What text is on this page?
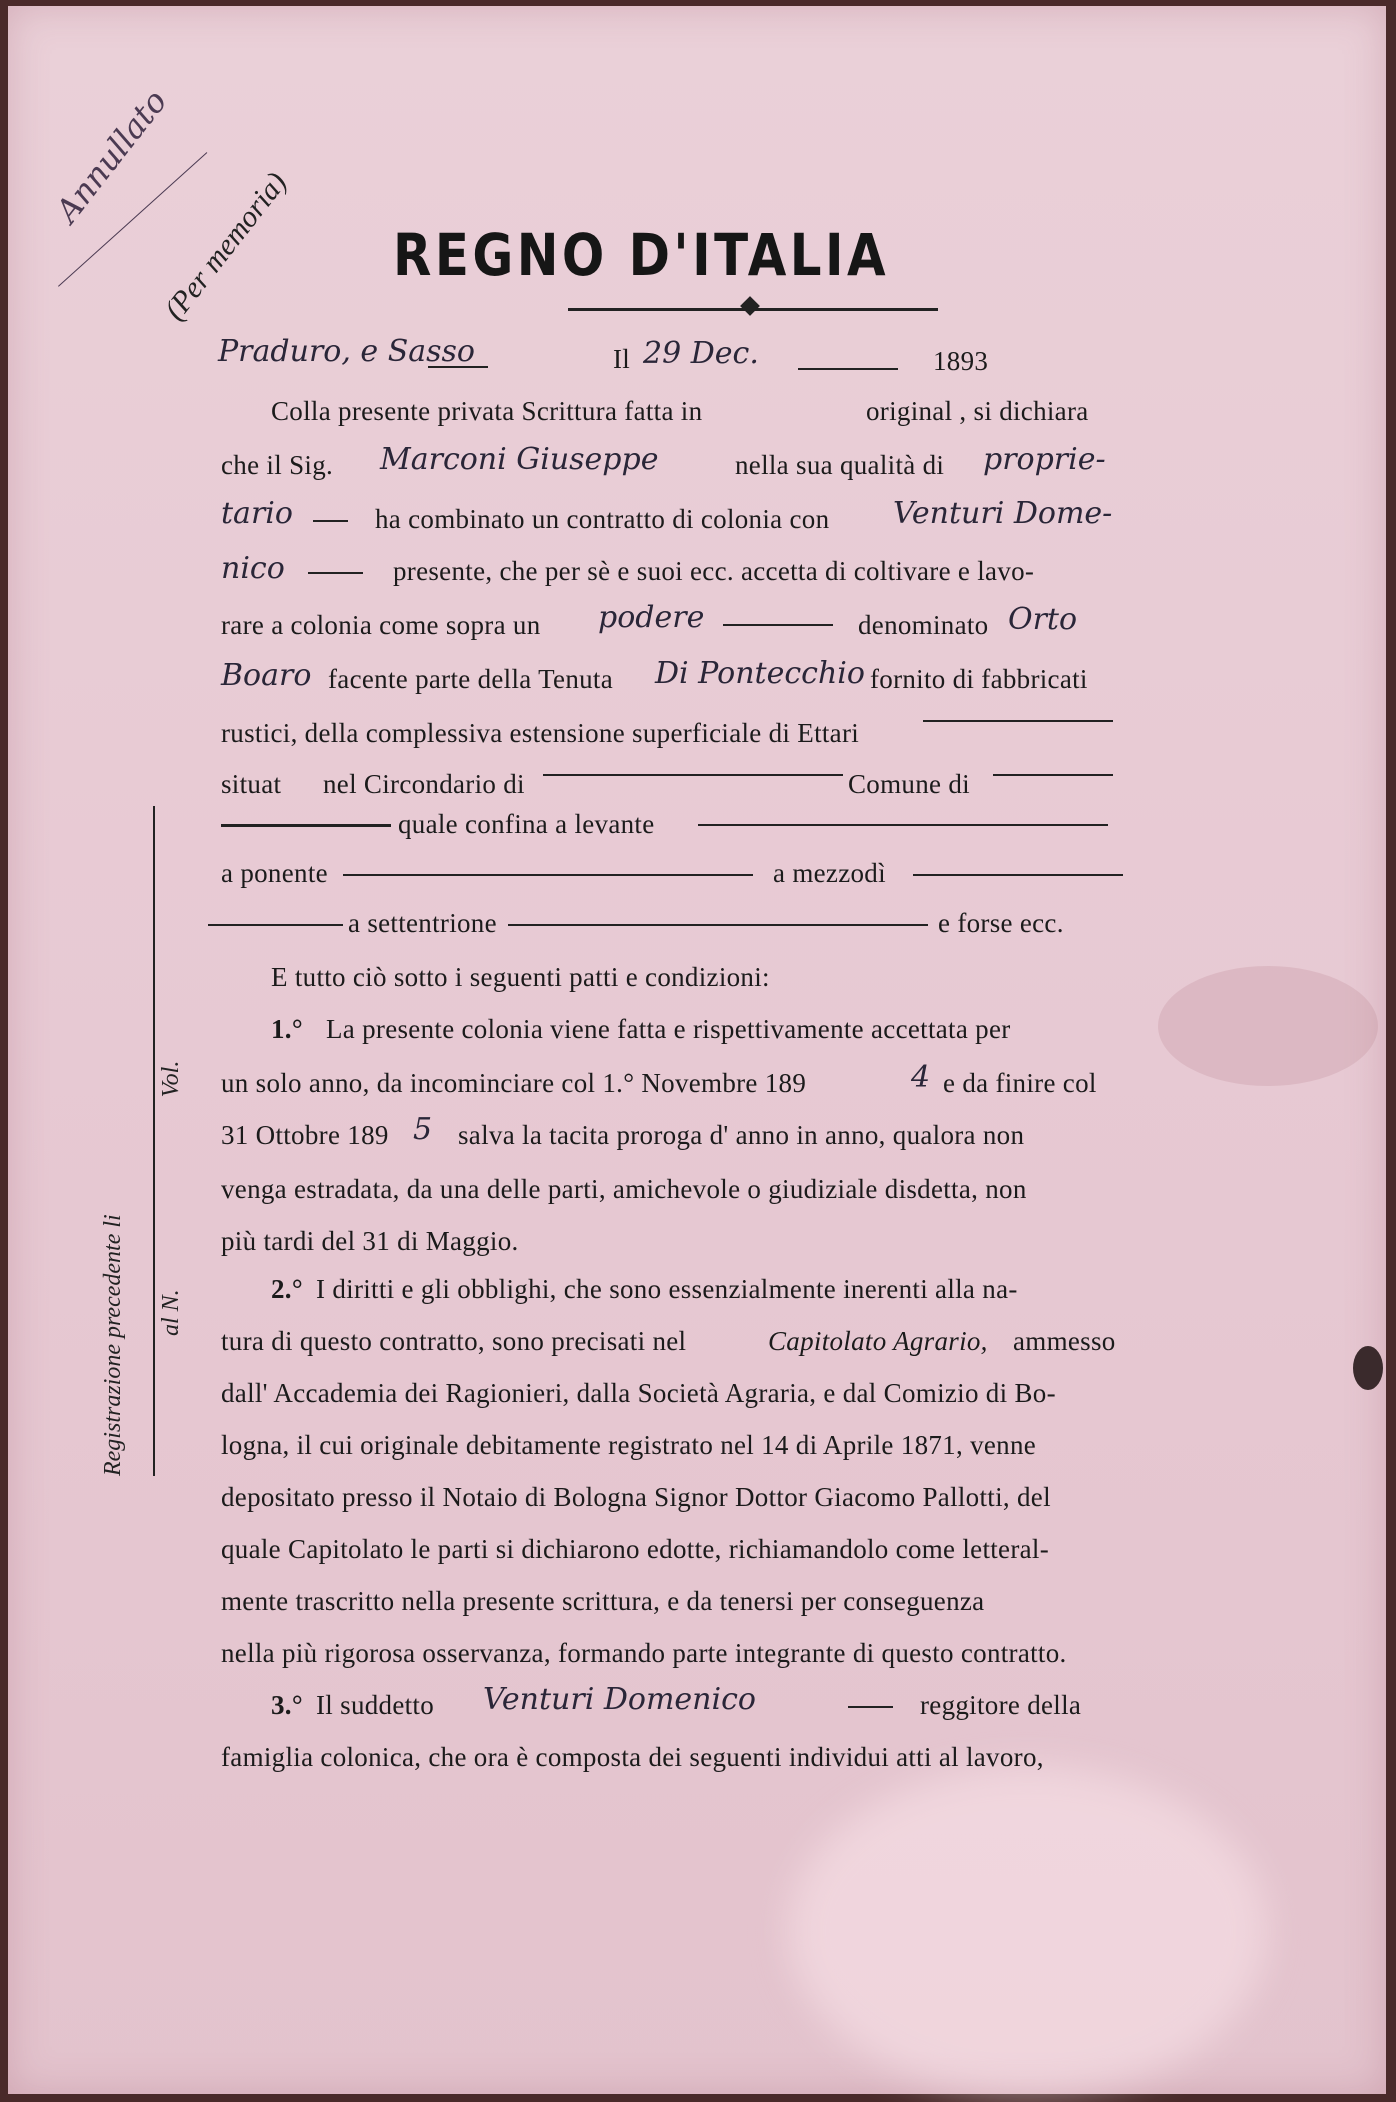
Annullato
(Per memoria) REGNO D'ITALIA
Registrazione precedente li al N.  Vol.
Praduro, e Sasso	Il 29 Dec.	1893
Colla presente privata Scrittura fatta in	original , si dichiara
che il Sig. Marconi Giuseppe	nella sua qualità di proprie-
tario	ha combinato un contratto di colonia con Venturi Dome-
nico	presente, che per sè e suoi ecc. accetta di coltivare e lavo-
rare a colonia come sopra un podere	denominato Orto
Boaro facente parte della Tenuta Di Pontecchio fornito di fabbricati
rustici, della complessiva estensione superficiale di Ettari
situat nel Circondario di	Comune di
quale confina a levante
a ponente	a mezzodì
a settentrione	e forse ecc.
E tutto ciò sotto i seguenti patti e condizioni:
1.° La presente colonia viene fatta e rispettivamente accettata per
un solo anno, da incominciare col 1.° Novembre 189	4 e da finire col
31 Ottobre 189 5 salva la tacita proroga d' anno in anno, qualora non
venga estradata, da una delle parti, amichevole o giudiziale disdetta, non
più tardi del 31 di Maggio.
2.° I diritti e gli obblighi, che sono essenzialmente inerenti alla na-
tura di questo contratto, sono precisati nel	Capitolato Agrario, ammesso
dall' Accademia dei Ragionieri, dalla Società Agraria, e dal Comizio di Bo-
logna, il cui originale debitamente registrato nel 14 di Aprile 1871, venne
depositato presso il Notaio di Bologna Signor Dottor Giacomo Pallotti, del
quale Capitolato le parti si dichiarono edotte, richiamandolo come letteral-
mente trascritto nella presente scrittura, e da tenersi per conseguenza
nella più rigorosa osservanza, formando parte integrante di questo contratto.
3.° Il suddetto Venturi Domenico	reggitore della
famiglia colonica, che ora è composta dei seguenti individui atti al lavoro,
